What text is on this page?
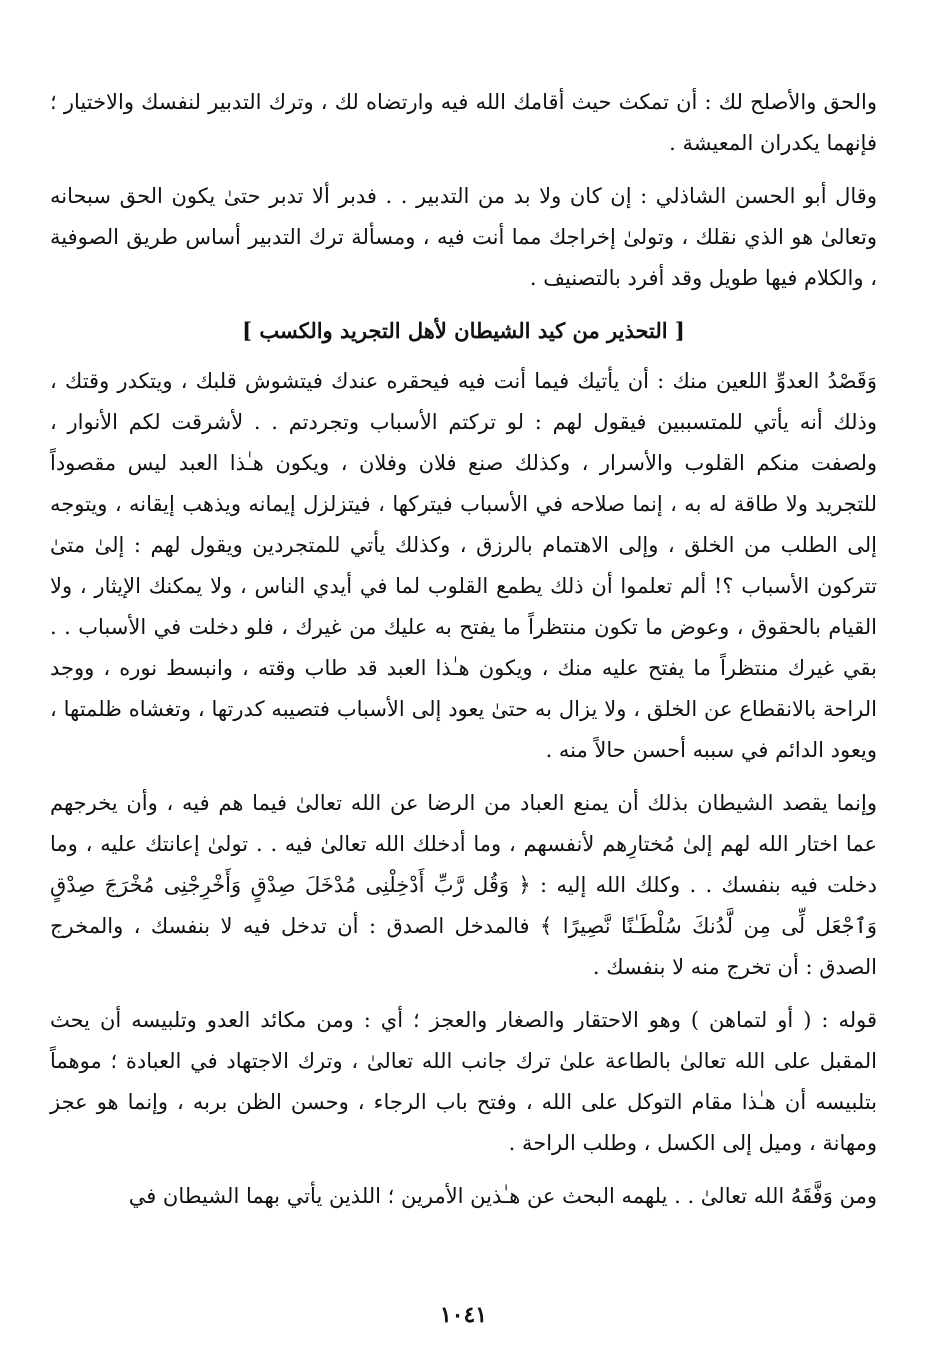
والحق والأصلح لك : أن تمكث حيث أقامك الله فيه وارتضاه لك ، وترك التدبير لنفسك والاختيار ؛ فإنهما يكدران المعيشة .

وقال أبو الحسن الشاذلي : إن كان ولا بد من التدبير . . فدبر ألا تدبر حتىٰ يكون الحق سبحانه وتعالىٰ هو الذي نقلك ، وتولىٰ إخراجك مما أنت فيه ، ومسألة ترك التدبير أساس طريق الصوفية ، والكلام فيها طويل وقد أفرد بالتصنيف .

[ التحذير من كيد الشيطان لأهل التجريد والكسب ]

وَقَصْدُ العدوِّ اللعين منك : أن يأتيك فيما أنت فيه فيحقره عندك فيتشوش قلبك ، ويتكدر وقتك ، وذلك أنه يأتي للمتسببين فيقول لهم : لو تركتم الأسباب وتجردتم . . لأشرقت لكم الأنوار ، ولصفت منكم القلوب والأسرار ، وكذلك صنع فلان وفلان ، ويكون هـٰذا العبد ليس مقصوداً للتجريد ولا طاقة له به ، إنما صلاحه في الأسباب فيتركها ، فيتزلزل إيمانه ويذهب إيقانه ، ويتوجه إلى الطلب من الخلق ، وإلى الاهتمام بالرزق ، وكذلك يأتي للمتجردين ويقول لهم : إلىٰ متىٰ تتركون الأسباب ؟! ألم تعلموا أن ذلك يطمع القلوب لما في أيدي الناس ، ولا يمكنك الإيثار ، ولا القيام بالحقوق ، وعوض ما تكون منتظراً ما يفتح به عليك من غيرك ، فلو دخلت في الأسباب . . بقي غيرك منتظراً ما يفتح عليه منك ، ويكون هـٰذا العبد قد طاب وقته ، وانبسط نوره ، ووجد الراحة بالانقطاع عن الخلق ، ولا يزال به حتىٰ يعود إلى الأسباب فتصيبه كدرتها ، وتغشاه ظلمتها ، ويعود الدائم في سببه أحسن حالاً منه .

وإنما يقصد الشيطان بذلك أن يمنع العباد من الرضا عن الله تعالىٰ فيما هم فيه ، وأن يخرجهم عما اختار الله لهم إلىٰ مُختارِهم لأنفسهم ، وما أدخلك الله تعالىٰ فيه . . تولىٰ إعانتك عليه ، وما دخلت فيه بنفسك . . وكلك الله إليه : ﴿ وَقُل رَّبِّ أَدْخِلْنِى مُدْخَلَ صِدْقٍ وَأَخْرِجْنِى مُخْرَجَ صِدْقٍ وَٱجْعَل لِّى مِن لَّدُنكَ سُلْطَـٰنًا نَّصِيرًا ﴾ فالمدخل الصدق : أن تدخل فيه لا بنفسك ، والمخرج الصدق : أن تخرج منه لا بنفسك .

قوله : ( أو لتماهن ) وهو الاحتقار والصغار والعجز ؛ أي : ومن مكائد العدو وتلبيسه أن يحث المقبل على الله تعالىٰ بالطاعة علىٰ ترك جانب الله تعالىٰ ، وترك الاجتهاد في العبادة ؛ موهماً بتلبيسه أن هـٰذا مقام التوكل على الله ، وفتح باب الرجاء ، وحسن الظن بربه ، وإنما هو عجز ومهانة ، وميل إلى الكسل ، وطلب الراحة .

ومن وَفَّقَهُ الله تعالىٰ . . يلهمه البحث عن هـٰذين الأمرين ؛ اللذين يأتي بهما الشيطان في

١٠٤١
